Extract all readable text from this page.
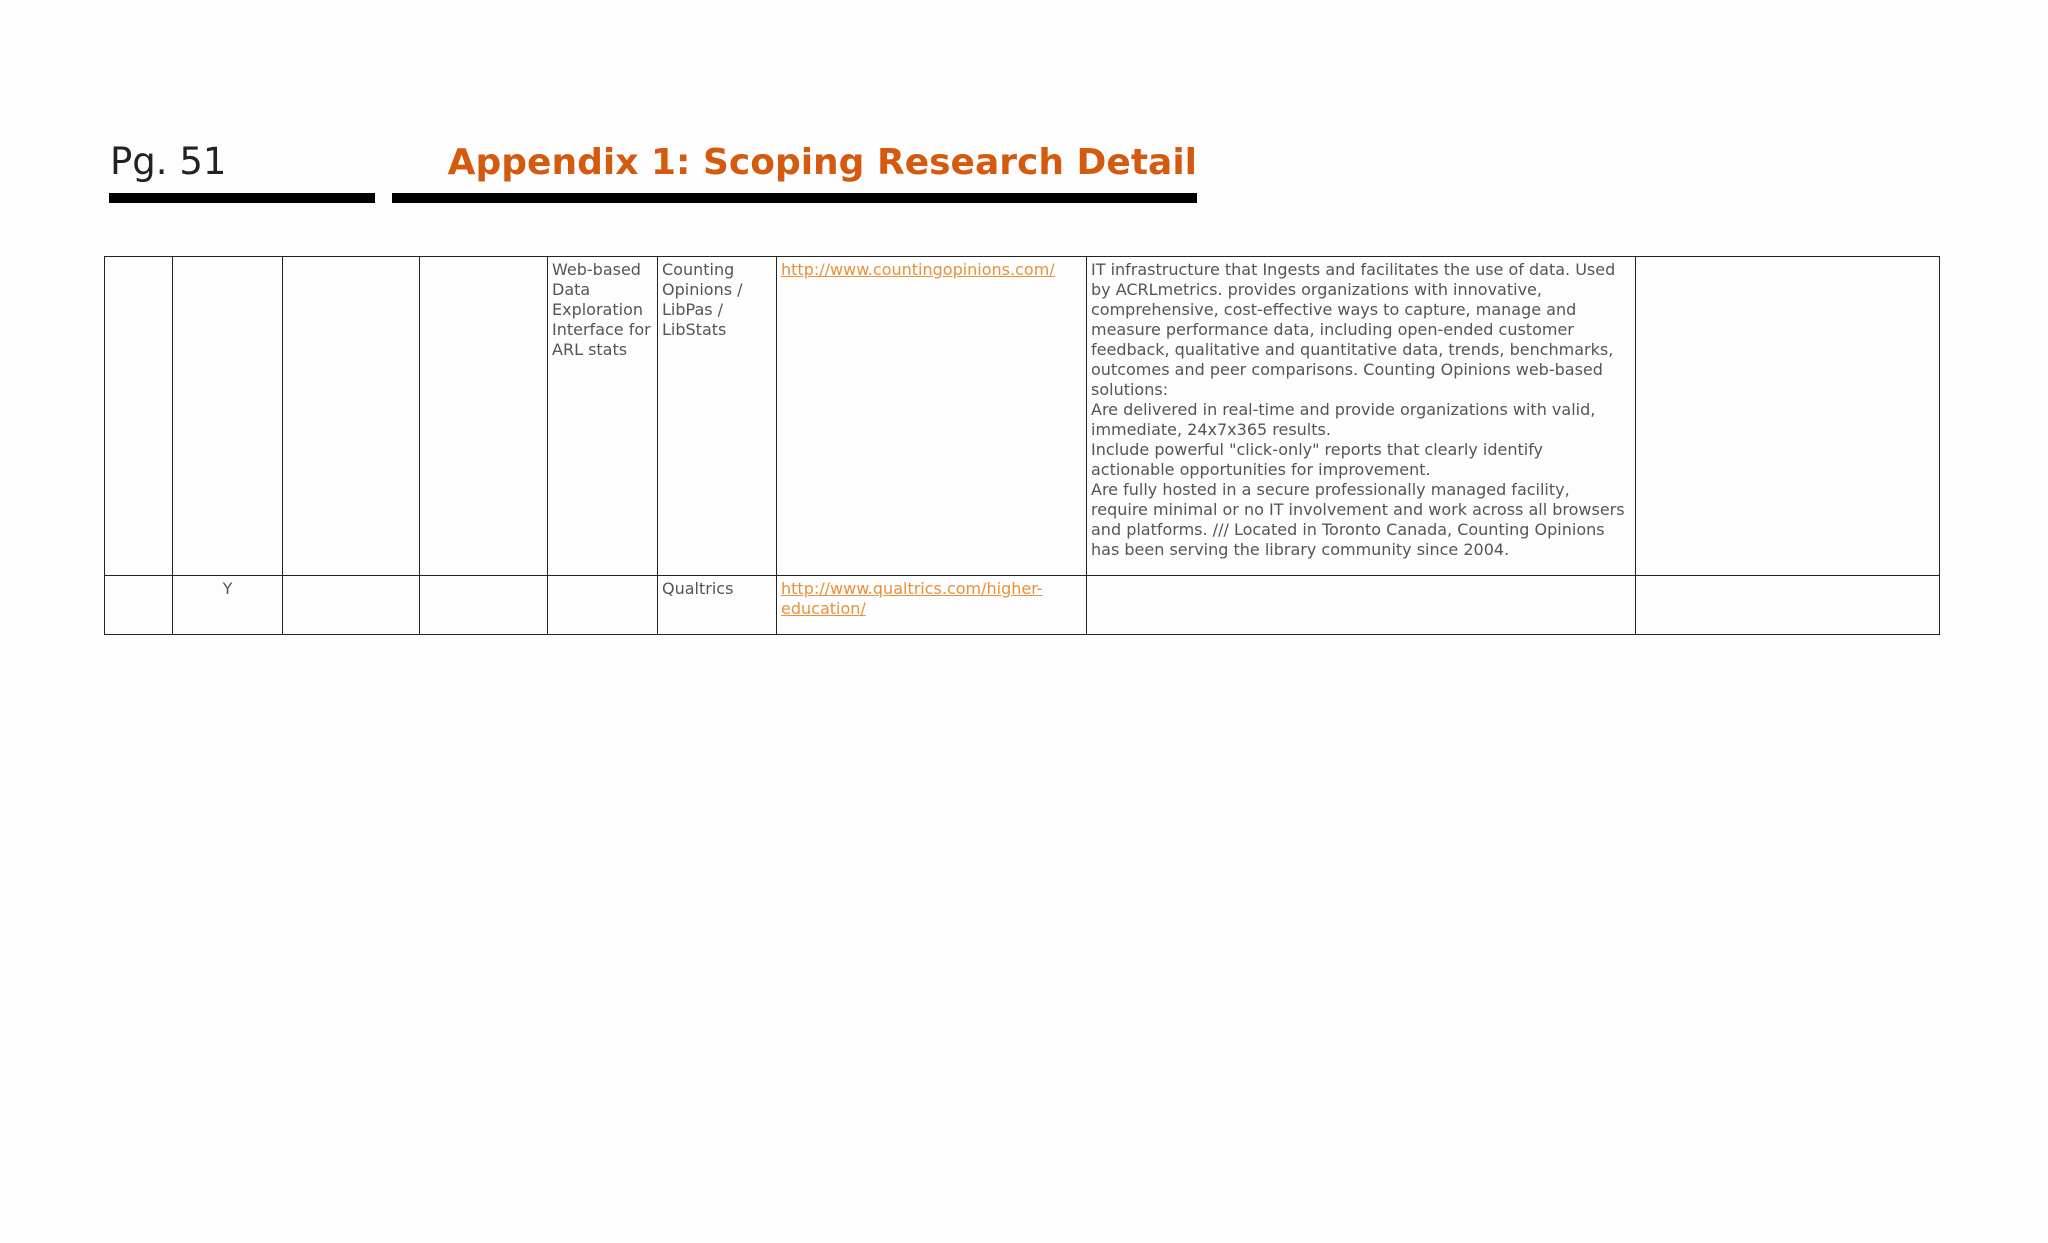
Pg. 51	Appendix 1: Scoping Research Detail
				Web-based Data Exploration Interface for ARL stats	Counting Opinions / LibPas / LibStats	http://www.countingopinions.com/	IT infrastructure that Ingests and facilitates the use of data. Used by ACRLmetrics. provides organizations with innovative, comprehensive, cost-effective ways to capture, manage and measure performance data, including open-ended customer feedback, qualitative and quantitative data, trends, benchmarks, outcomes and peer comparisons. Counting Opinions web-based solutions:

Are delivered in real-time and provide organizations with valid, immediate, 24x7x365 results.

Include powerful "click-only" reports that clearly identify actionable opportunities for improvement.

Are fully hosted in a secure professionally managed facility, require minimal or no IT involvement and work across all browsers and platforms. /// Located in Toronto Canada, Counting Opinions has been serving the library community since 2004.	

	Y				Qualtrics	http://www.qualtrics.com/higher-education/		
